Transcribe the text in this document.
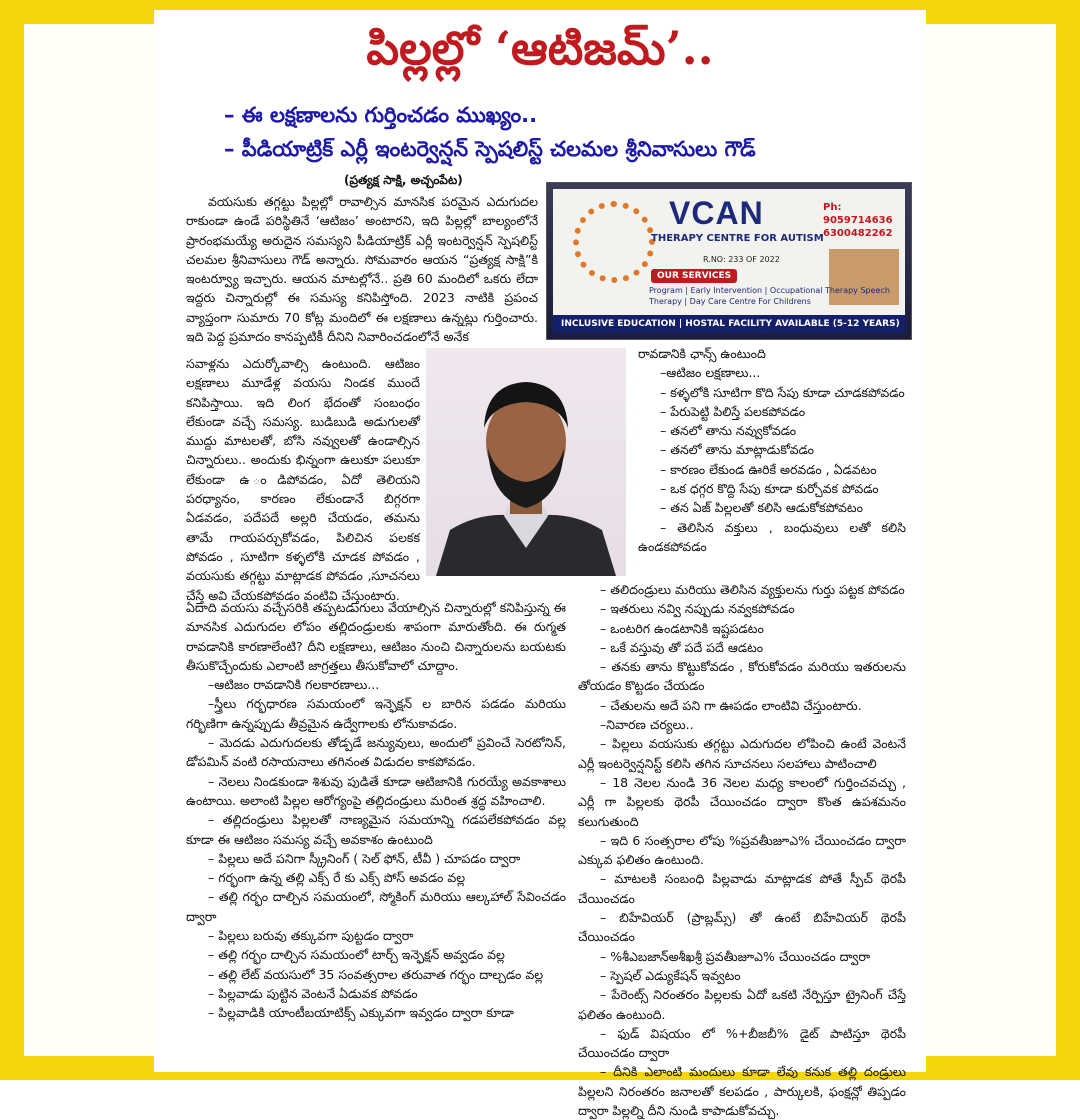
పిల్లల్లో ‘ఆటిజమ్’..
– ఈ లక్షణాలను గుర్తించడం ముఖ్యం..
– పీడియాట్రిక్ ఎర్లీ ఇంటర్వెన్షన్ స్పెషలిస్ట్ చలమల శ్రీనివాసులు గౌడ్
(ప్రత్యక్ష సాక్షి, అచ్చంపేట)
VCAN
THERAPY CENTRE FOR AUTISM
R.NO: 233 OF 2022
Ph: 9059714636
6300482262
OUR SERVICES
Program | Early Intervention | Occupational Therapy Speech Therapy | Day Care Centre For Childrens
INCLUSIVE EDUCATION | HOSTAL FACILITY AVAILABLE (5-12 YEARS)

వయసుకు తగ్గట్టు పిల్లల్లో రావాల్సిన మానసిక పరమైన ఎదుగుదల రాకుండా ఉండే పరిస్థితినే ‘ఆటిజం’ అంటారని, ఇది పిల్లల్లో బాల్యంలోనే ప్రారంభమయ్యే అరుదైన సమస్యని పీడియాట్రిక్ ఎర్లీ ఇంటర్వెన్షన్ స్పెషలిస్ట్ చలమల శ్రీనివాసులు గౌడ్ అన్నారు. సోమవారం ఆయన “ప్రత్యక్ష సాక్షి”కి ఇంటర్వ్యూ ఇచ్చారు. ఆయన మాటల్లోనే.. ప్రతి 60 మందిలో ఒకరు లేదా ఇద్దరు చిన్నారుల్లో ఈ సమస్య కనిపిస్తోంది. 2023 నాటికి ప్రపంచ వ్యాప్తంగా సుమారు 70 కోట్ల మందిలో ఈ లక్షణాలు ఉన్నట్లు గుర్తించారు. ఇది పెద్ద ప్రమాదం కానప్పటికీ దీనిని నివారించడంలోనే అనేక

సవాళ్లను ఎదుర్కోవాల్సి ఉంటుంది. ఆటిజం లక్షణాలు మూడేళ్ల వయసు నిండక ముందే కనిపిస్తాయి. ఇది లింగ భేదంతో సంబంధం లేకుండా వచ్చే సమస్య. బుడిబుడి అడుగులతో ముద్దు మాటలతో, బోసి నవ్వులతో ఉండాల్సిన చిన్నారులు.. అందుకు భిన్నంగా ఉలుకూ పలుకూ లేకుండా ఉ ండిపోవడం, ఏదో తెలియని పరధ్యానం, కారణం లేకుండానే బిగ్గరగా ఏడవడం, పదేపదే అల్లరి చేయడం, తమను తామే గాయపర్చుకోవడం, పిలిచిన పలకక పోవడం , సూటిగా కళ్ళలోకి చూడక పోవడం , వయసుకు తగ్గట్టు మాట్లాడక పోవడం ,సూచనలు చేస్తే అవి చేయకపోవడం వంటివి చేస్తుంటారు.

ఏదాది వయసు వచ్చేసరికి తప్పటడుగులు వేయాల్సిన చిన్నారుల్లో కనిపిస్తున్న ఈ మానసిక ఎదుగుదల లోపం తల్లిదండ్రులకు శాపంగా మారుతోంది. ఈ రుగ్మత రావడానికి కారణాలేంటి? దీని లక్షణాలు, ఆటిజం నుంచి చిన్నారులను బయటకు తీసుకొచ్చేందుకు ఎలాంటి జాగ్రత్తలు తీసుకోవాలో చూద్దాం.

–ఆటిజం రావడానికి గలకారణాలు...

–స్త్రీలు గర్భధారణ సమయంలో ఇన్ఫెక్షన్ ల బారిన పడడం మరియు గర్భిణిగా ఉన్నప్పుడు తీవ్రమైన ఉద్వేగాలకు లోనుకావడం.

– మెదడు ఎదుగుదలకు తోడ్పడే జన్యువులు, అందులో ప్రవించే సెరటోనిన్, డోపమిన్ వంటి రసాయనాలు తగినంత విడుదల కాకపోవడం.

– నెలలు నిండకుండా శిశువు పుడితే కూడా ఆటిజానికి గురయ్యే అవకాశాలు ఉంటాయి. అలాంటి పిల్లల ఆరోగ్యంపై తల్లిదండ్రులు మరింత శ్రద్ధ వహించాలి.

– తల్లిదండ్రులు పిల్లలతో నాణ్యమైన సమయాన్ని గడపలేకపోవడం వల్ల కూడా ఈ ఆటిజం సమస్య వచ్చే అవకాశం ఉంటుంది

– పిల్లలు అదే పనిగా స్క్రీనింగ్ ( సెల్ ఫోన్, టీవీ ) చూపడం ద్వారా

– గర్భంగా ఉన్న తల్లి ఎక్స్ రే కు ఎక్స్ పోస్ అవడం వల్ల

– తల్లి గర్భం దాల్చిన సమయంలో, స్మోకింగ్ మరియు ఆల్కహాల్ సేవించడం ద్వారా

– పిల్లలు బరువు తక్కువగా పుట్టడం ద్వారా

– తల్లి గర్భం దాల్చిన సమయంలో టార్చ్ ఇన్ఫెక్షన్ అవ్వడం వల్ల

– తల్లి లేట్ వయసులో 35 సంవత్సరాల తరువాత గర్భం దాల్చడం వల్ల

– పిల్లవాడు పుట్టిన వెంటనే ఏడువక పోవడం

– పిల్లవాడికి యాంటీబయాటిక్స్ ఎక్కువగా ఇవ్వడం ద్వారా కూడా

రావడానికి ఛాన్స్ ఉంటుంది

–ఆటిజం లక్షణాలు...

– కళ్ళలోకి సూటిగా కొది సేపు కూడా చూడకపోవడం

– పేరుపెట్టి పిలిస్తే పలకపోవడం

– తనలో తాను నవ్వుకోవడం

– తనలో తాను మాట్లాడుకోవడం

– కారణం లేకుండ ఊరికే అరవడం , ఏడవటం

– ఒక ధగ్గర కొద్ది సేపు కూడా కుర్చోవక పోవడం

– తన ఏజ్ పిల్లలతో కలిసి ఆడుకోకపోవటం

– తెలిసిన వక్తులు , బంధువులు లతో కలిసి ఉండకపోవడం

– తలిదండ్రులు మరియు తెలిసిన వ్యక్తులను గుర్తు పట్టక పోవడం

– ఇతరులు నవ్వి నప్పుడు నవ్వకపోవడం

– ఒంటరిగ ఉండటానికి ఇష్టపడటం

– ఒకే వస్తువు తో పదే పదే ఆడటం

– తనకు తాను కొట్టుకోవడం , కోరుకోవడం మరియు ఇతరులను తోయడం కొట్టడం చేయడం

– చేతులను అదే పని గా ఊపడం లాంటివి చేస్తుంటారు.

–నివారణ చర్యలు..

– పిల్లలు వయసుకు తగ్గట్టు ఎదుగుదల లోపించి ఉంటే వెంటనే ఎర్లీ ఇంటర్వెన్షనిస్ట్ కలిసి తగిన సూచనలు సలహాలు పాటించాలి

– 18 నెలల నుండి 36 నెలల మధ్య కాలంలో గుర్తించవచ్చు , ఎర్లీ గా పిల్లలకు థెరపీ చేయించడం ద్వారా కొంత ఉపశమనం కలుగుతుంది

– ఇది 6 సంత్సరాల లోపు %ప్రవతీుజూఎ% చేయించడం ద్వారా ఎక్కువ ఫలితం ఉంటుంది.

– మాటలకి సంబంధి పిల్లవాడు మాట్లాడక పోతే స్పీచ్ థెరపీ చేయించడం

– బిహేవియర్ (ప్రాబ్లమ్స్) తో ఉంటే బిహేవియర్ థెరపీ చేయించడం

– %శీఎబజాన్‌అశీఖశ్రీ ప్రవతీుజూఎ% చేయించడం ద్వారా

– స్పెషల్ ఎడ్యుకేషన్ ఇవ్వటం

– పేరెంట్స్ నిరంతరం పిల్లలకు ఏదో ఒకటి నేర్పిస్తూ ట్రైనింగ్ చేస్తే ఫలితం ఉంటుంది.

– ఫుడ్ విషయం లో %+బీజబీ% డైట్ పాటిస్తూ థెరపీ చేయించడం ద్వారా

– దీనికి ఎలాంటి మందులు కూడా లేవు కనుక తల్లి దండ్రులు పిల్లలని నిరంతరం జనాలతో కలపడం , పార్కులకి, ఫంక్షన్లో తిప్పడం ద్వారా పిల్లల్ని దీని నుండి కాపాడుకోవచ్చు.
